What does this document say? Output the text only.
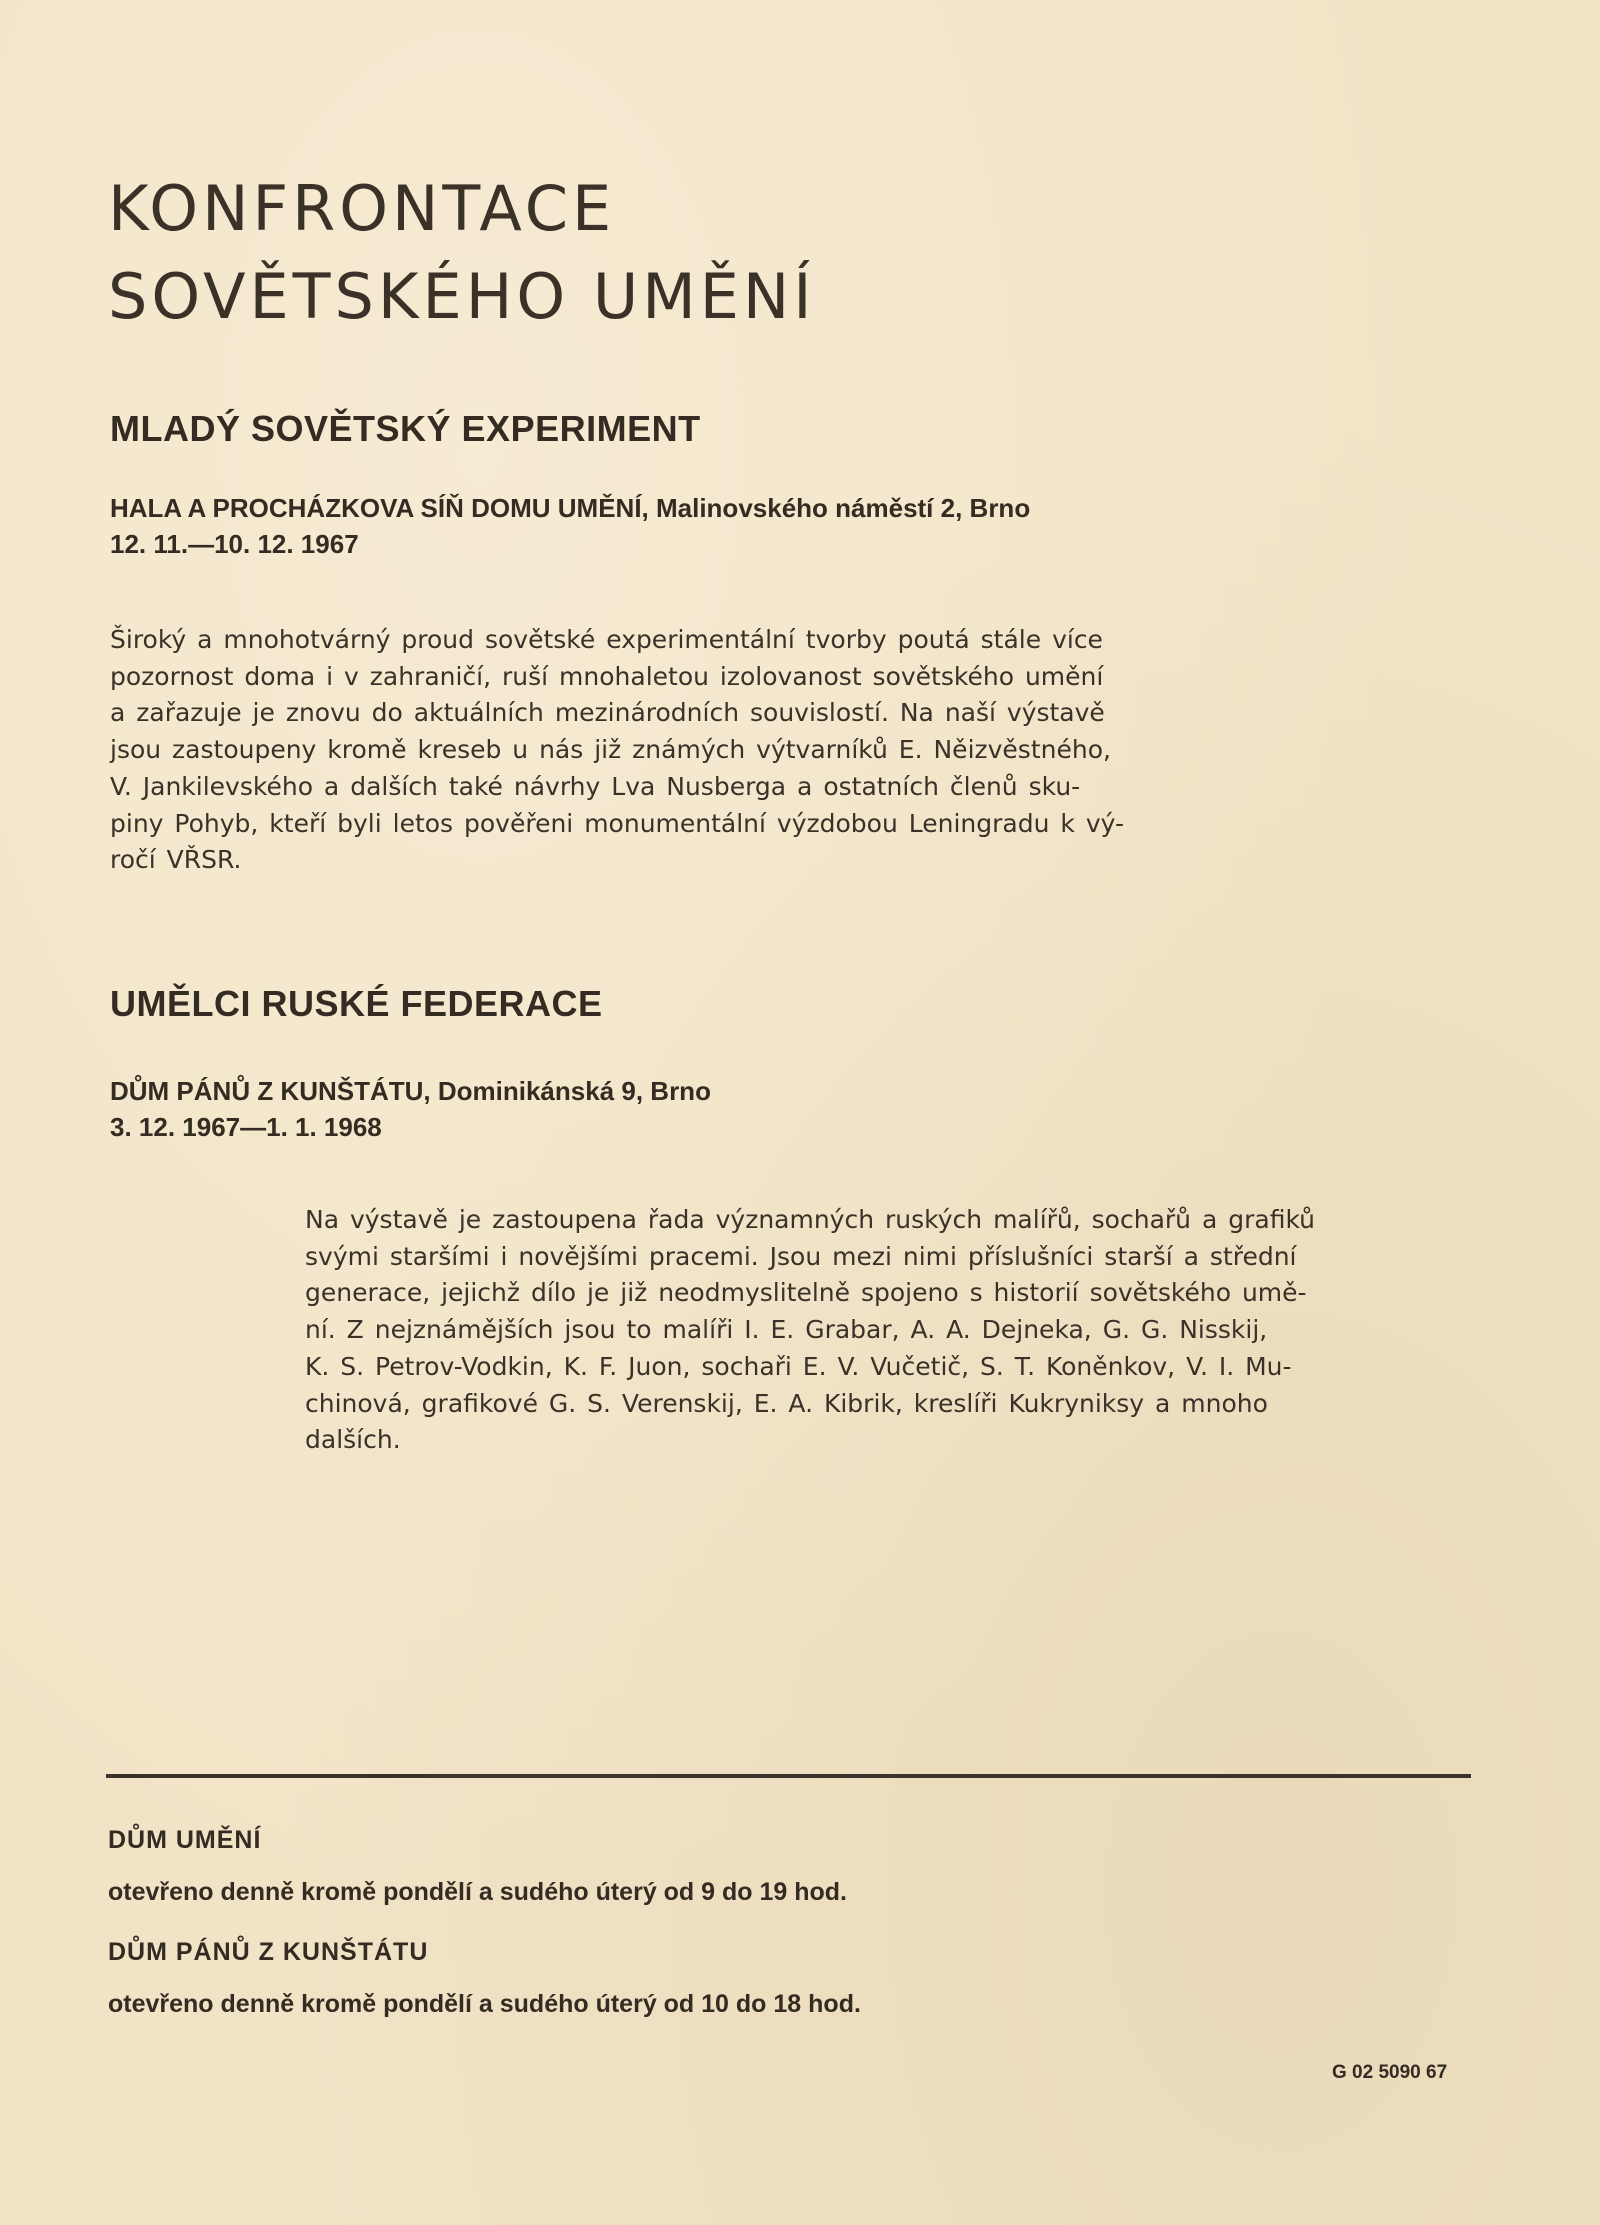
KONFRONTACE
SOVĚTSKÉHO UMĚNÍ
MLADÝ SOVĚTSKÝ EXPERIMENT
HALA A PROCHÁZKOVA SÍŇ DOMU UMĚNÍ, Malinovského náměstí 2, Brno
12. 11.—10. 12. 1967
Široký a mnohotvárný proud sovětské experimentální tvorby poutá stále více
pozornost doma i v zahraničí, ruší mnohaletou izolovanost sovětského umění
a zařazuje je znovu do aktuálních mezinárodních souvislostí. Na naší výstavě
jsou zastoupeny kromě kreseb u nás již známých výtvarníků E. Něizvěstného,
V. Jankilevského a dalších také návrhy Lva Nusberga a ostatních členů sku-
piny Pohyb, kteří byli letos pověřeni monumentální výzdobou Leningradu k vý-
ročí VŘSR.
UMĚLCI RUSKÉ FEDERACE
DŮM PÁNŮ Z KUNŠTÁTU, Dominikánská 9, Brno
3. 12. 1967—1. 1. 1968
Na výstavě je zastoupena řada významných ruských malířů, sochařů a grafiků
svými staršími i novějšími pracemi. Jsou mezi nimi příslušníci starší a střední
generace, jejichž dílo je již neodmyslitelně spojeno s historií sovětského umě-
ní. Z nejznámějších jsou to malíři I. E. Grabar, A. A. Dejneka, G. G. Nisskij,
K. S. Petrov-Vodkin, K. F. Juon, sochaři E. V. Vučetič, S. T. Koněnkov, V. I. Mu-
chinová, grafikové G. S. Verenskij, E. A. Kibrik, kreslíři Kukryniksy a mnoho
dalších.

DŮM UMĚNÍ

otevřeno denně kromě pondělí a sudého úterý od 9 do 19 hod.

DŮM PÁNŮ Z KUNŠTÁTU

otevřeno denně kromě pondělí a sudého úterý od 10 do 18 hod.

G 02 5090 67
